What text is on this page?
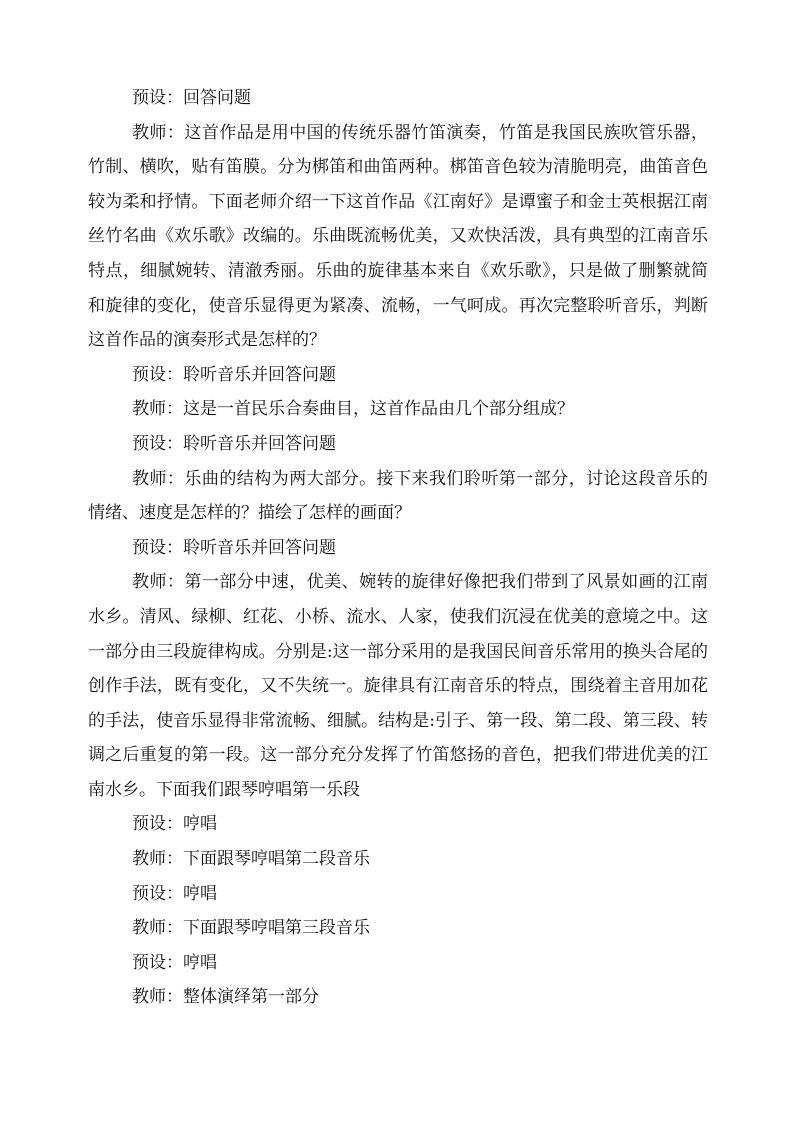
预设：回答问题

教师：这首作品是用中国的传统乐器竹笛演奏，竹笛是我国民族吹管乐器，竹制、横吹，贴有笛膜。分为梆笛和曲笛两种。梆笛音色较为清脆明亮，曲笛音色较为柔和抒情。下面老师介绍一下这首作品《江南好》是谭蜜子和金士英根据江南丝竹名曲《欢乐歌》改编的。乐曲既流畅优美，又欢快活泼，具有典型的江南音乐特点，细腻婉转、清澈秀丽。乐曲的旋律基本来自《欢乐歌》，只是做了删繁就简和旋律的变化，使音乐显得更为紧凑、流畅，一气呵成。再次完整聆听音乐，判断这首作品的演奏形式是怎样的？

预设：聆听音乐并回答问题

教师：这是一首民乐合奏曲目，这首作品由几个部分组成？

预设：聆听音乐并回答问题

教师：乐曲的结构为两大部分。接下来我们聆听第一部分，讨论这段音乐的情绪、速度是怎样的？描绘了怎样的画面？

预设：聆听音乐并回答问题

教师：第一部分中速，优美、婉转的旋律好像把我们带到了风景如画的江南水乡。清风、绿柳、红花、小桥、流水、人家，使我们沉浸在优美的意境之中。这一部分由三段旋律构成。分别是:这一部分采用的是我国民间音乐常用的换头合尾的创作手法，既有变化，又不失统一。旋律具有江南音乐的特点，围绕着主音用加花的手法，使音乐显得非常流畅、细腻。结构是:引子、第一段、第二段、第三段、转调之后重复的第一段。这一部分充分发挥了竹笛悠扬的音色，把我们带进优美的江南水乡。下面我们跟琴哼唱第一乐段

预设：哼唱

教师：下面跟琴哼唱第二段音乐

预设：哼唱

教师：下面跟琴哼唱第三段音乐

预设：哼唱

教师：整体演绎第一部分
